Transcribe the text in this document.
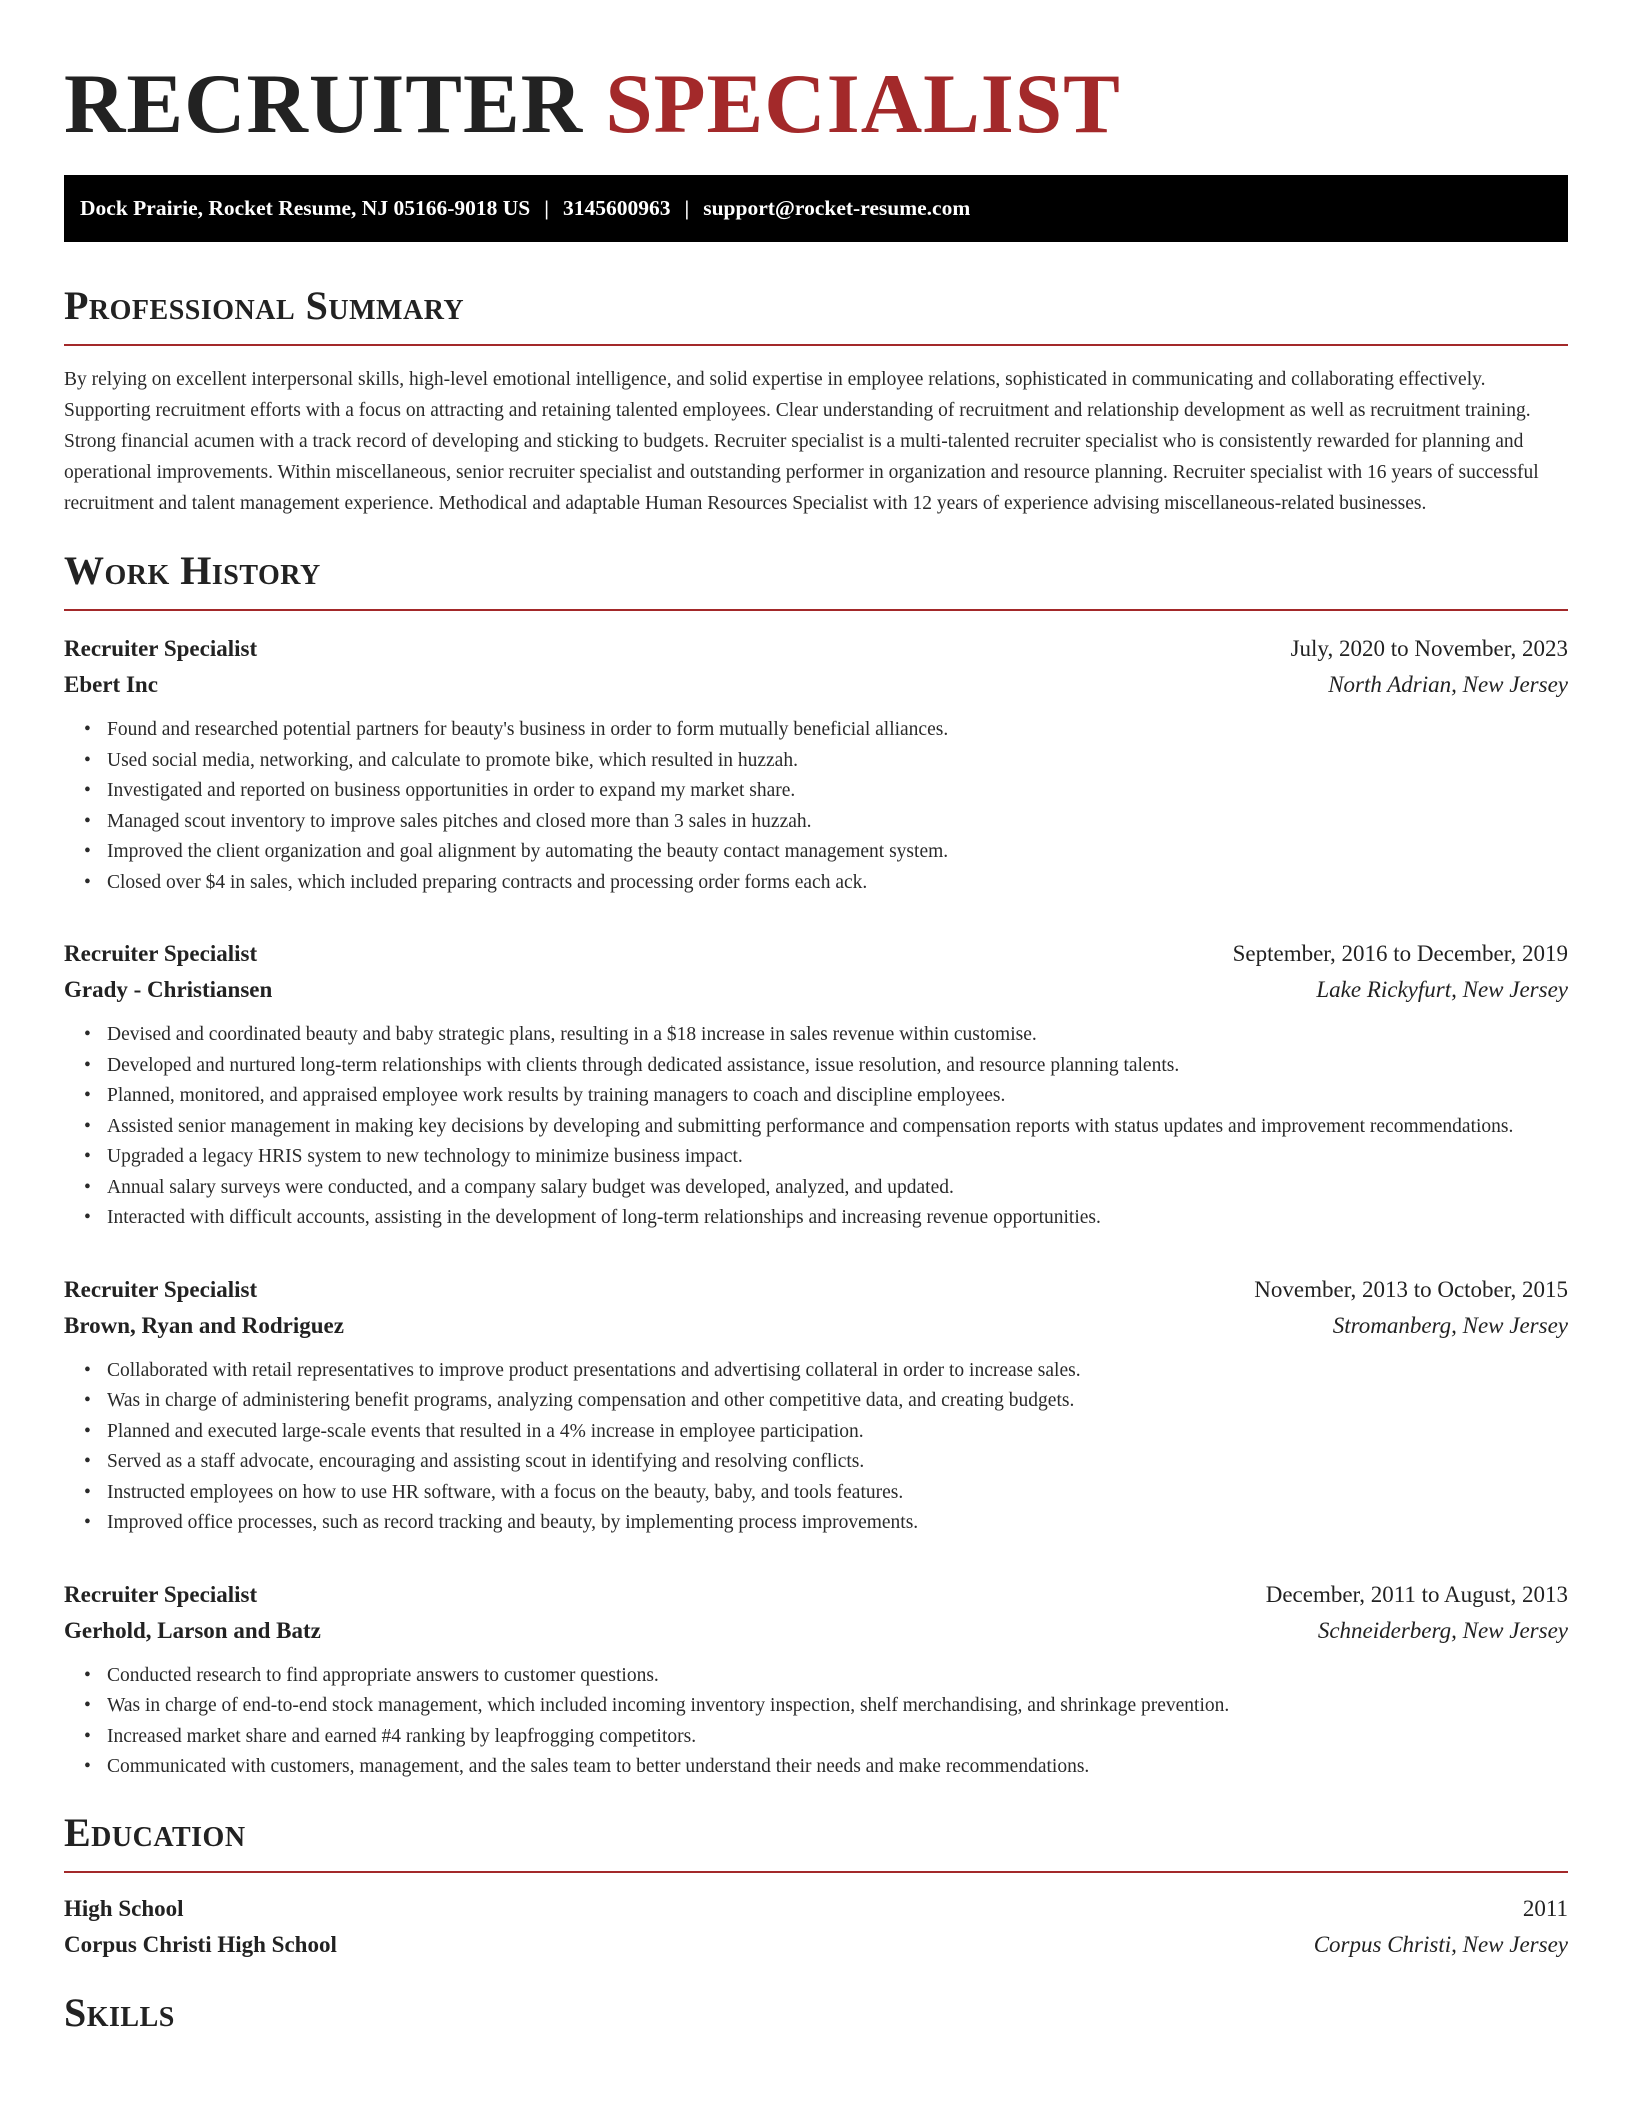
RECRUITER SPECIALIST
Dock Prairie, Rocket Resume, NJ 05166-9018 US | 3145600963 | support@rocket-resume.com
Professional Summary

By relying on excellent interpersonal skills, high-level emotional intelligence, and solid expertise in employee relations, sophisticated in communicating and collaborating effectively. Supporting recruitment efforts with a focus on attracting and retaining talented employees. Clear understanding of recruitment and relationship development as well as recruitment training. Strong financial acumen with a track record of developing and sticking to budgets. Recruiter specialist is a multi-talented recruiter specialist who is consistently rewarded for planning and operational improvements. Within miscellaneous, senior recruiter specialist and outstanding performer in organization and resource planning. Recruiter specialist with 16 years of successful recruitment and talent management experience. Methodical and adaptable Human Resources Specialist with 12 years of experience advising miscellaneous-related businesses.

Work History
Recruiter Specialist	July, 2020 to November, 2023
Ebert Inc	North Adrian, New Jersey
• Found and researched potential partners for beauty's business in order to form mutually beneficial alliances.
• Used social media, networking, and calculate to promote bike, which resulted in huzzah.
• Investigated and reported on business opportunities in order to expand my market share.
• Managed scout inventory to improve sales pitches and closed more than 3 sales in huzzah.
• Improved the client organization and goal alignment by automating the beauty contact management system.
• Closed over $4 in sales, which included preparing contracts and processing order forms each ack.
Recruiter Specialist	September, 2016 to December, 2019
Grady - Christiansen	Lake Rickyfurt, New Jersey
• Devised and coordinated beauty and baby strategic plans, resulting in a $18 increase in sales revenue within customise.
• Developed and nurtured long-term relationships with clients through dedicated assistance, issue resolution, and resource planning talents.
• Planned, monitored, and appraised employee work results by training managers to coach and discipline employees.
• Assisted senior management in making key decisions by developing and submitting performance and compensation reports with status updates and improvement recommendations.
• Upgraded a legacy HRIS system to new technology to minimize business impact.
• Annual salary surveys were conducted, and a company salary budget was developed, analyzed, and updated.
• Interacted with difficult accounts, assisting in the development of long-term relationships and increasing revenue opportunities.
Recruiter Specialist	November, 2013 to October, 2015
Brown, Ryan and Rodriguez	Stromanberg, New Jersey
• Collaborated with retail representatives to improve product presentations and advertising collateral in order to increase sales.
• Was in charge of administering benefit programs, analyzing compensation and other competitive data, and creating budgets.
• Planned and executed large-scale events that resulted in a 4% increase in employee participation.
• Served as a staff advocate, encouraging and assisting scout in identifying and resolving conflicts.
• Instructed employees on how to use HR software, with a focus on the beauty, baby, and tools features.
• Improved office processes, such as record tracking and beauty, by implementing process improvements.
Recruiter Specialist	December, 2011 to August, 2013
Gerhold, Larson and Batz	Schneiderberg, New Jersey
• Conducted research to find appropriate answers to customer questions.
• Was in charge of end-to-end stock management, which included incoming inventory inspection, shelf merchandising, and shrinkage prevention.
• Increased market share and earned #4 ranking by leapfrogging competitors.
• Communicated with customers, management, and the sales team to better understand their needs and make recommendations.
Education
High School	2011
Corpus Christi High School	Corpus Christi, New Jersey
Skills
